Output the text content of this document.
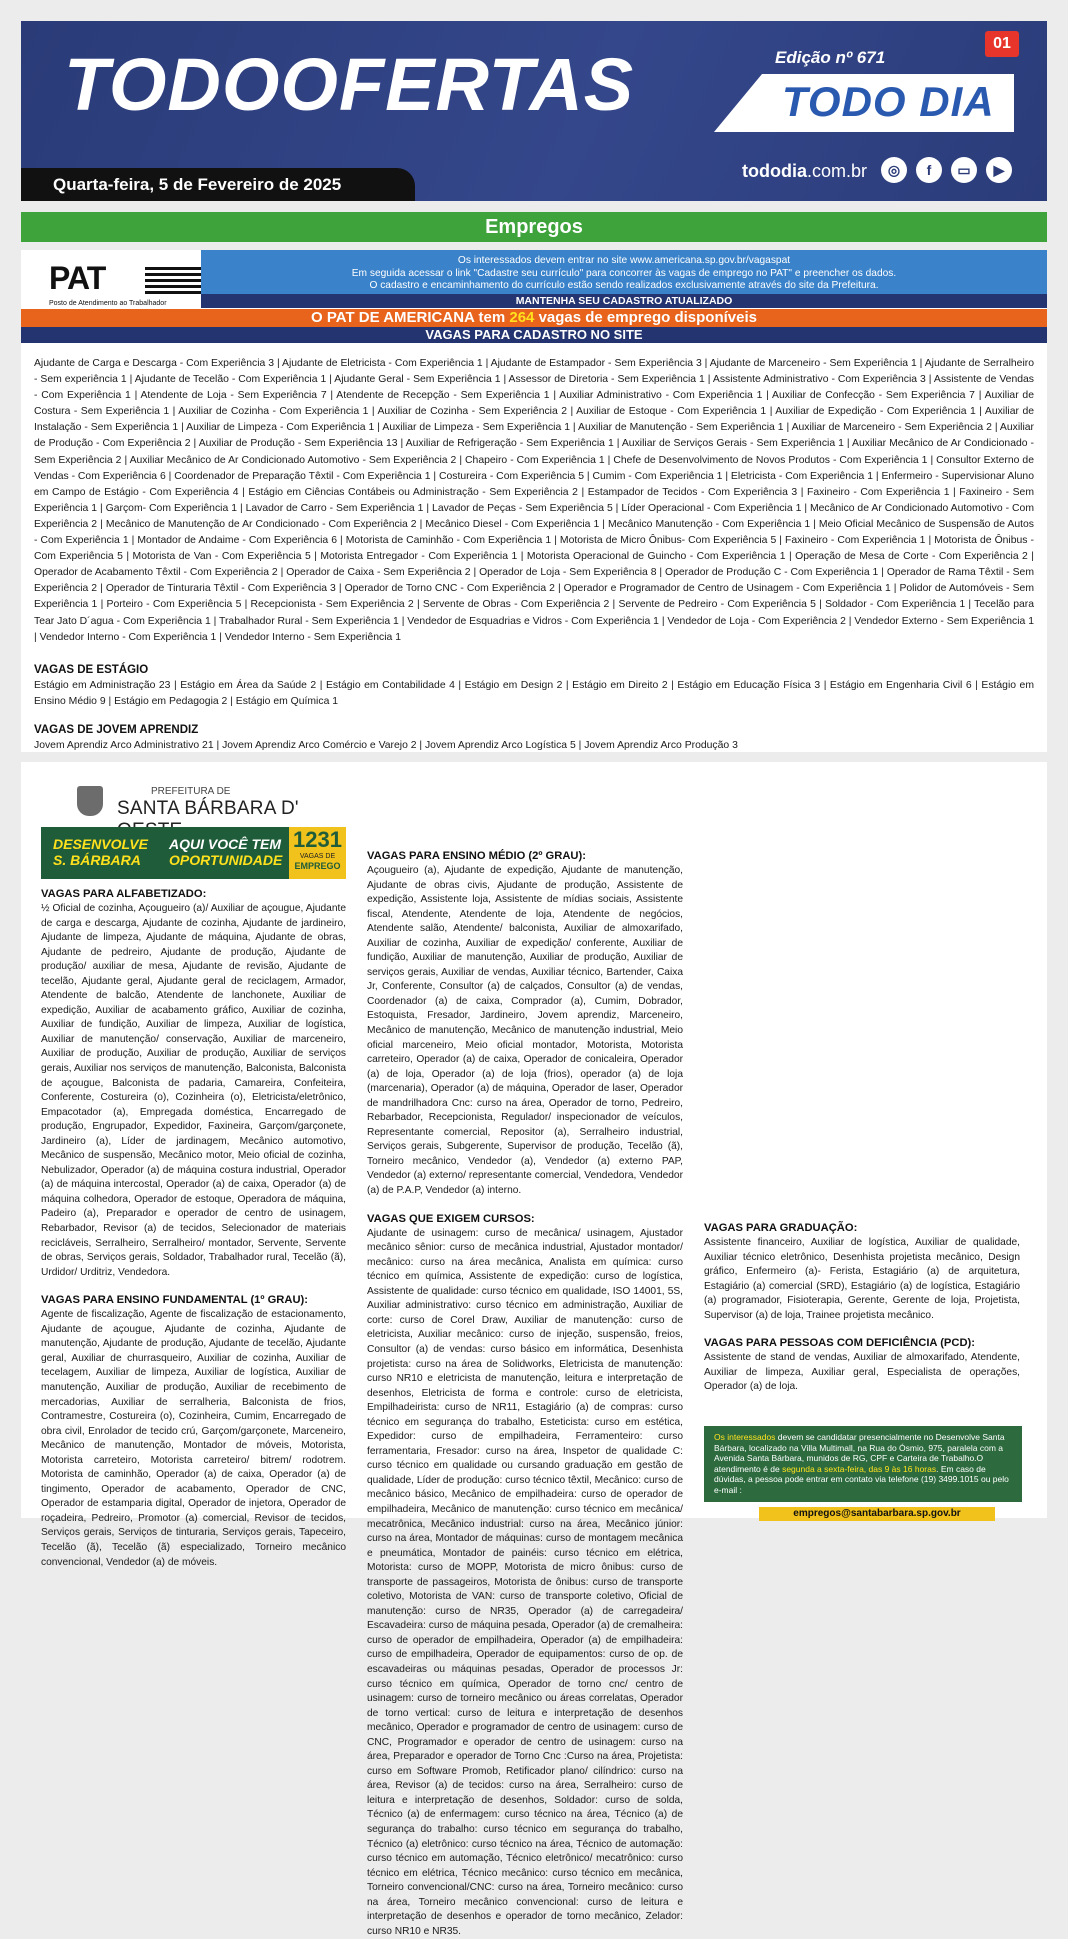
TODOOFERTAS
Quarta-feira, 5 de Fevereiro de 2025
01
Edição nº 671
TODO DIA
tododia.com.br	◎	f	▭	▶
Empregos
PAT
Posto de Atendimento ao Trabalhador
Os interessados devem entrar no site www.americana.sp.gov.br/vagaspat
Em seguida acessar o link "Cadastre seu currículo" para concorrer às vagas de emprego no PAT" e preencher os dados.
O cadastro e encaminhamento do currículo estão sendo realizados exclusivamente através do site da Prefeitura.
MANTENHA SEU CADASTRO ATUALIZADO
O PAT DE AMERICANA tem 264 vagas de emprego disponíveis
VAGAS PARA CADASTRO NO SITE

Ajudante de Carga e Descarga - Com Experiência 3 | Ajudante de Eletricista - Com Experiência 1 | Ajudante de Estampador - Sem Experiência 3 | Ajudante de Marceneiro - Sem Experiência 1 | Ajudante de Serralheiro - Sem experiência 1 | Ajudante de Tecelão - Com Experiência 1 | Ajudante Geral - Sem Experiência 1 | Assessor de Diretoria - Sem Experiência 1 | Assistente Administrativo - Com Experiência 3 | Assistente de Vendas - Com Experiência 1 | Atendente de Loja - Sem Experiência 7 | Atendente de Recepção - Sem Experiência 1 | Auxiliar Administrativo - Com Experiência 1 | Auxiliar de Confecção - Sem Experiência 7 | Auxiliar de Costura - Sem Experiência 1 | Auxiliar de Cozinha - Com Experiência 1 | Auxiliar de Cozinha - Sem Experiência 2 | Auxiliar de Estoque - Com Experiência 1 | Auxiliar de Expedição - Com Experiência 1 | Auxiliar de Instalação - Sem Experiência 1 | Auxiliar de Limpeza - Com Experiência 1 | Auxiliar de Limpeza - Sem Experiência 1 | Auxiliar de Manutenção - Sem Experiência 1 | Auxiliar de Marceneiro - Sem Experiência 2 | Auxiliar de Produção - Com Experiência 2 | Auxiliar de Produção - Sem Experiência 13 | Auxiliar de Refrigeração - Sem Experiência 1 | Auxiliar de Serviços Gerais - Sem Experiência 1 | Auxiliar Mecânico de Ar Condicionado - Sem Experiência 2 | Auxiliar Mecânico de Ar Condicionado Automotivo - Sem Experiência 2 | Chapeiro - Com Experiência 1 | Chefe de Desenvolvimento de Novos Produtos - Com Experiência 1 | Consultor Externo de Vendas - Com Experiência 6 | Coordenador de Preparação Têxtil - Com Experiência 1 | Costureira - Com Experiência 5 | Cumim - Com Experiência 1 | Eletricista - Com Experiência 1 | Enfermeiro - Supervisionar Aluno em Campo de Estágio - Com Experiência 4 | Estágio em Ciências Contábeis ou Administração - Sem Experiência 2 | Estampador de Tecidos - Com Experiência 3 | Faxineiro - Com Experiência 1 | Faxineiro - Sem Experiência 1 | Garçom- Com Experiência 1 | Lavador de Carro - Sem Experiência 1 | Lavador de Peças - Sem Experiência 5 | Líder Operacional - Com Experiência 1 | Mecânico de Ar Condicionado Automotivo - Com Experiência 2 | Mecânico de Manutenção de Ar Condicionado - Com Experiência 2 | Mecânico Diesel - Com Experiência 1 | Mecânico Manutenção - Com Experiência 1 | Meio Oficial Mecânico de Suspensão de Autos - Com Experiência 1 | Montador de Andaime - Com Experiência 6 | Motorista de Caminhão - Com Experiência 1 | Motorista de Micro Ônibus- Com Experiência 5 | Faxineiro - Com Experiência 1 | Motorista de Ônibus - Com Experiência 5 | Motorista de Van - Com Experiência 5 | Motorista Entregador - Com Experiência 1 | Motorista Operacional de Guincho - Com Experiência 1 | Operação de Mesa de Corte - Com Experiência 2 | Operador de Acabamento Têxtil - Com Experiência 2 | Operador de Caixa - Sem Experiência 2 | Operador de Loja - Sem Experiência 8 | Operador de Produção C - Com Experiência 1 | Operador de Rama Têxtil - Sem Experiência 2 | Operador de Tinturaria Têxtil - Com Experiência 3 | Operador de Torno CNC - Com Experiência 2 | Operador e Programador de Centro de Usinagem - Com Experiência 1 | Polidor de Automóveis - Sem Experiência 1 | Porteiro - Com Experiência 5 | Recepcionista - Sem Experiência 2 | Servente de Obras - Com Experiência 2 | Servente de Pedreiro - Com Experiência 5 | Soldador - Com Experiência 1 | Tecelão para Tear Jato D´agua - Com Experiência 1 | Trabalhador Rural - Sem Experiência 1 | Vendedor de Esquadrias e Vidros - Com Experiência 1 | Vendedor de Loja - Com Experiência 2 | Vendedor Externo - Sem Experiência 1 | Vendedor Interno - Com Experiência 1 | Vendedor Interno - Sem Experiência 1

VAGAS DE ESTÁGIO

Estágio em Administração 23 | Estágio em Área da Saúde 2 | Estágio em Contabilidade 4 | Estágio em Design 2 | Estágio em Direito 2 | Estágio em Educação Física 3 | Estágio em Engenharia Civil 6 | Estágio em Ensino Médio 9 | Estágio em Pedagogia 2 | Estágio em Química 1

VAGAS DE JOVEM APRENDIZ

Jovem Aprendiz Arco Administrativo 21 | Jovem Aprendiz Arco Comércio e Varejo 2 | Jovem Aprendiz Arco Logística 5 | Jovem Aprendiz Arco Produção 3

PREFEITURA DE
SANTA BÁRBARA D'
DESENVOLVE
S. BÁRBARA
AQUI VOCÊ TEM
OPORTUNIDADE
1231
VAGAS DE
EMPREGO
VAGAS PARA ALFABETIZADO:

½ Oficial de cozinha, Açougueiro (a)/ Auxiliar de açougue, Ajudante de carga e descarga, Ajudante de cozinha, Ajudante de jardineiro, Ajudante de limpeza, Ajudante de máquina, Ajudante de obras, Ajudante de pedreiro, Ajudante de produção, Ajudante de produção/ auxiliar de mesa, Ajudante de revisão, Ajudante de tecelão, Ajudante geral, Ajudante geral de reciclagem, Armador, Atendente de balcão, Atendente de lanchonete, Auxiliar de expedição, Auxiliar de acabamento gráfico, Auxiliar de cozinha, Auxiliar de fundição, Auxiliar de limpeza, Auxiliar de logística, Auxiliar de manutenção/ conservação, Auxiliar de marceneiro, Auxiliar de produção, Auxiliar de produção, Auxiliar de serviços gerais, Auxiliar nos serviços de manutenção, Balconista, Balconista de açougue, Balconista de padaria, Camareira, Confeiteira, Conferente, Costureira (o), Cozinheira (o), Eletricista/eletrônico, Empacotador (a), Empregada doméstica, Encarregado de produção, Engrupador, Expedidor, Faxineira, Garçom/garçonete, Jardineiro (a), Líder de jardinagem, Mecânico automotivo, Mecânico de suspensão, Mecânico motor, Meio oficial de cozinha, Nebulizador, Operador (a) de máquina costura industrial, Operador (a) de máquina intercostal, Operador (a) de caixa, Operador (a) de máquina colhedora, Operador de estoque, Operadora de máquina, Padeiro (a), Preparador e operador de centro de usinagem, Rebarbador, Revisor (a) de tecidos, Selecionador de materiais recicláveis, Serralheiro, Serralheiro/ montador, Servente, Servente de obras, Serviços gerais, Soldador, Trabalhador rural, Tecelão (ã), Urdidor/ Urditriz, Vendedora.

VAGAS PARA ENSINO FUNDAMENTAL (1º GRAU):

Agente de fiscalização, Agente de fiscalização de estacionamento, Ajudante de açougue, Ajudante de cozinha, Ajudante de manutenção, Ajudante de produção, Ajudante de tecelão, Ajudante geral, Auxiliar de churrasqueiro, Auxiliar de cozinha, Auxiliar de tecelagem, Auxiliar de limpeza, Auxiliar de logística, Auxiliar de manutenção, Auxiliar de produção, Auxiliar de recebimento de mercadorias, Auxiliar de serralheria, Balconista de frios, Contramestre, Costureira (o), Cozinheira, Cumim, Encarregado de obra civil, Enrolador de tecido crú, Garçom/garçonete, Marceneiro, Mecânico de manutenção, Montador de móveis, Motorista, Motorista carreteiro, Motorista carreteiro/ bitrem/ rodotrem. Motorista de caminhão, Operador (a) de caixa, Operador (a) de tingimento, Operador de acabamento, Operador de CNC, Operador de estamparia digital, Operador de injetora, Operador de roçadeira, Pedreiro, Promotor (a) comercial, Revisor de tecidos, Serviços gerais, Serviços de tinturaria, Serviços gerais, Tapeceiro, Tecelão (ã), Tecelão (ã) especializado, Torneiro mecânico convencional, Vendedor (a) de móveis.

VAGAS PARA ENSINO MÉDIO (2º GRAU):

Açougueiro (a), Ajudante de expedição, Ajudante de manutenção, Ajudante de obras civis, Ajudante de produção, Assistente de expedição, Assistente loja, Assistente de mídias sociais, Assistente fiscal, Atendente, Atendente de loja, Atendente de negócios, Atendente salão, Atendente/ balconista, Auxiliar de almoxarifado, Auxiliar de cozinha, Auxiliar de expedição/ conferente, Auxiliar de fundição, Auxiliar de manutenção, Auxiliar de produção, Auxiliar de serviços gerais, Auxiliar de vendas, Auxiliar técnico, Bartender, Caixa Jr, Conferente, Consultor (a) de calçados, Consultor (a) de vendas, Coordenador (a) de caixa, Comprador (a), Cumim, Dobrador, Estoquista, Fresador, Jardineiro, Jovem aprendiz, Marceneiro, Mecânico de manutenção, Mecânico de manutenção industrial, Meio oficial marceneiro, Meio oficial montador, Motorista, Motorista carreteiro, Operador (a) de caixa, Operador de conicaleira, Operador (a) de loja, Operador (a) de loja (frios), operador (a) de loja (marcenaria), Operador (a) de máquina, Operador de laser, Operador de mandrilhadora Cnc: curso na área, Operador de torno, Pedreiro, Rebarbador, Recepcionista, Regulador/ inspecionador de veículos, Representante comercial, Repositor (a), Serralheiro industrial, Serviços gerais, Subgerente, Supervisor de produção, Tecelão (ã), Torneiro mecânico, Vendedor (a), Vendedor (a) externo PAP, Vendedor (a) externo/ representante comercial, Vendedora, Vendedor (a) de P.A.P, Vendedor (a) interno.

VAGAS QUE EXIGEM CURSOS:

Ajudante de usinagem: curso de mecânica/ usinagem, Ajustador mecânico sênior: curso de mecânica industrial, Ajustador montador/ mecânico: curso na área mecânica, Analista em química: curso técnico em química, Assistente de expedição: curso de logística, Assistente de qualidade: curso técnico em qualidade, ISO 14001, 5S, Auxiliar administrativo: curso técnico em administração, Auxiliar de corte: curso de Corel Draw, Auxiliar de manutenção: curso de eletricista, Auxiliar mecânico: curso de injeção, suspensão, freios, Consultor (a) de vendas: curso básico em informática, Desenhista projetista: curso na área de Solidworks, Eletricista de manutenção: curso NR10 e eletricista de manutenção, leitura e interpretação de desenhos, Eletricista de forma e controle: curso de eletricista, Empilhadeirista: curso de NR11, Estagiário (a) de compras: curso técnico em segurança do trabalho, Esteticista: curso em estética, Expedidor: curso de empilhadeira, Ferramenteiro: curso ferramentaria, Fresador: curso na área, Inspetor de qualidade C: curso técnico em qualidade ou cursando graduação em gestão de qualidade, Líder de produção: curso técnico têxtil, Mecânico: curso de mecânico básico, Mecânico de empilhadeira: curso de operador de empilhadeira, Mecânico de manutenção: curso técnico em mecânica/ mecatrônica, Mecânico industrial: curso na área, Mecânico júnior: curso na área, Montador de máquinas: curso de montagem mecânica e pneumática, Montador de painéis: curso técnico em elétrica, Motorista: curso de MOPP, Motorista de micro ônibus: curso de transporte de passageiros, Motorista de ônibus: curso de transporte coletivo, Motorista de VAN: curso de transporte coletivo, Oficial de manutenção: curso de NR35, Operador (a) de carregadeira/ Escavadeira: curso de máquina pesada, Operador (a) de cremalheira: curso de operador de empilhadeira, Operador (a) de empilhadeira: curso de empilhadeira, Operador de equipamentos: curso de op. de escavadeiras ou máquinas pesadas, Operador de processos Jr: curso técnico em química, Operador de torno cnc/ centro de usinagem: curso de torneiro mecânico ou áreas correlatas, Operador de torno vertical: curso de leitura e interpretação de desenhos mecânico, Operador e programador de centro de usinagem: curso de CNC, Programador e operador de centro de usinagem: curso na área, Preparador e operador de Torno Cnc :Curso na área, Projetista: curso em Software Promob, Retificador plano/ cilíndrico: curso na área, Revisor (a) de tecidos: curso na área, Serralheiro: curso de leitura e interpretação de desenhos, Soldador: curso de solda, Técnico (a) de enfermagem: curso técnico na área, Técnico (a) de segurança do trabalho: curso técnico em segurança do trabalho, Técnico (a) eletrônico: curso técnico na área, Técnico de automação: curso técnico em automação, Técnico eletrônico/ mecatrônico: curso técnico em elétrica, Técnico mecânico: curso técnico em mecânica, Torneiro convencional/CNC: curso na área, Torneiro mecânico: curso na área, Torneiro mecânico convencional: curso de leitura e interpretação de desenhos e operador de torno mecânico, Zelador: curso NR10 e NR35.

VAGAS PARA GRADUAÇÃO:

Assistente financeiro, Auxiliar de logística, Auxiliar de qualidade, Auxiliar técnico eletrônico, Desenhista projetista mecânico, Design gráfico, Enfermeiro (a)- Ferista, Estagiário (a) de arquitetura, Estagiário (a) comercial (SRD), Estagiário (a) de logística, Estagiário (a) programador, Fisioterapia, Gerente, Gerente de loja, Projetista, Supervisor (a) de loja, Trainee projetista mecânico.

VAGAS PARA PESSOAS COM DEFICIÊNCIA (PCD):

Assistente de stand de vendas, Auxiliar de almoxarifado, Atendente, Auxiliar de limpeza, Auxiliar geral, Especialista de operações, Operador (a) de loja.

Os interessados devem se candidatar presencialmente no Desenvolve Santa Bárbara, localizado na Villa Multimall, na Rua do Ósmio, 975, paralela com a Avenida Santa Bárbara, munidos de RG, CPF e Carteira de Trabalho.O atendimento é de segunda a sexta-feira, das 9 às 16 horas. Em caso de dúvidas, a pessoa pode entrar em contato via telefone (19) 3499.1015 ou pelo e-mail :
empregos@santabarbara.sp.gov.br
